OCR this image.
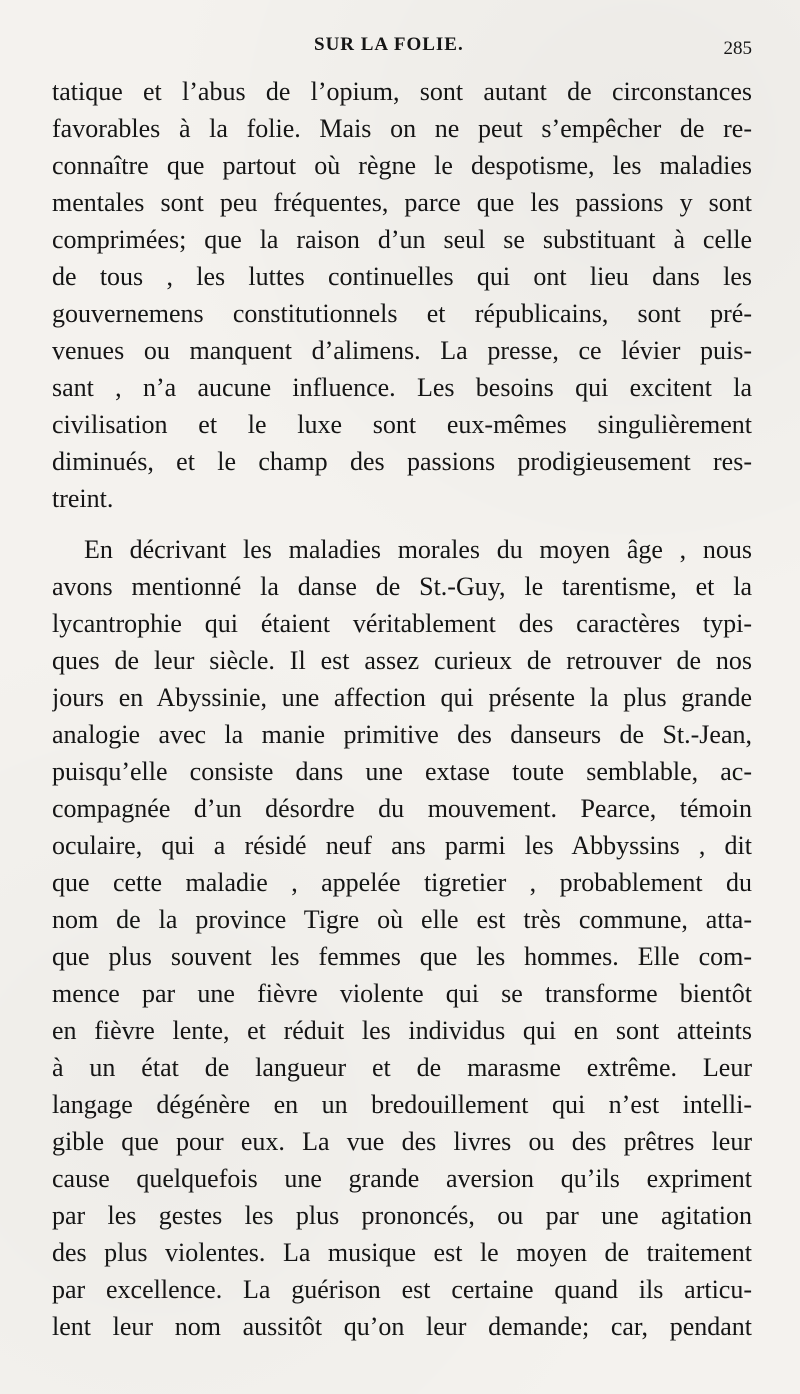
SUR LA FOLIE.	285
tatique et l’abus de l’opium, sont autant de circonstances
favorables à la folie. Mais on ne peut s’empêcher de re-
connaître que partout où règne le despotisme, les maladies
mentales sont peu fréquentes, parce que les passions y sont
comprimées; que la raison d’un seul se substituant à celle
de tous , les luttes continuelles qui ont lieu dans les
gouvernemens constitutionnels et républicains, sont pré-
venues ou manquent d’alimens. La presse, ce lévier puis-
sant , n’a aucune influence. Les besoins qui excitent la
civilisation et le luxe sont eux-mêmes singulièrement
diminués, et le champ des passions prodigieusement res-
treint.
En décrivant les maladies morales du moyen âge , nous
avons mentionné la danse de St.-Guy, le tarentisme, et la
lycantrophie qui étaient véritablement des caractères typi-
ques de leur siècle. Il est assez curieux de retrouver de nos
jours en Abyssinie, une affection qui présente la plus grande
analogie avec la manie primitive des danseurs de St.-Jean,
puisqu’elle consiste dans une extase toute semblable, ac-
compagnée d’un désordre du mouvement. Pearce, témoin
oculaire, qui a résidé neuf ans parmi les Abbyssins , dit
que cette maladie , appelée tigretier , probablement du
nom de la province Tigre où elle est très commune, atta-
que plus souvent les femmes que les hommes. Elle com-
mence par une fièvre violente qui se transforme bientôt
en fièvre lente, et réduit les individus qui en sont atteints
à un état de langueur et de marasme extrême. Leur
langage dégénère en un bredouillement qui n’est intelli-
gible que pour eux. La vue des livres ou des prêtres leur
cause quelquefois une grande aversion qu’ils expriment
par les gestes les plus prononcés, ou par une agitation
des plus violentes. La musique est le moyen de traitement
par excellence. La guérison est certaine quand ils articu-
lent leur nom aussitôt qu’on leur demande; car, pendant
